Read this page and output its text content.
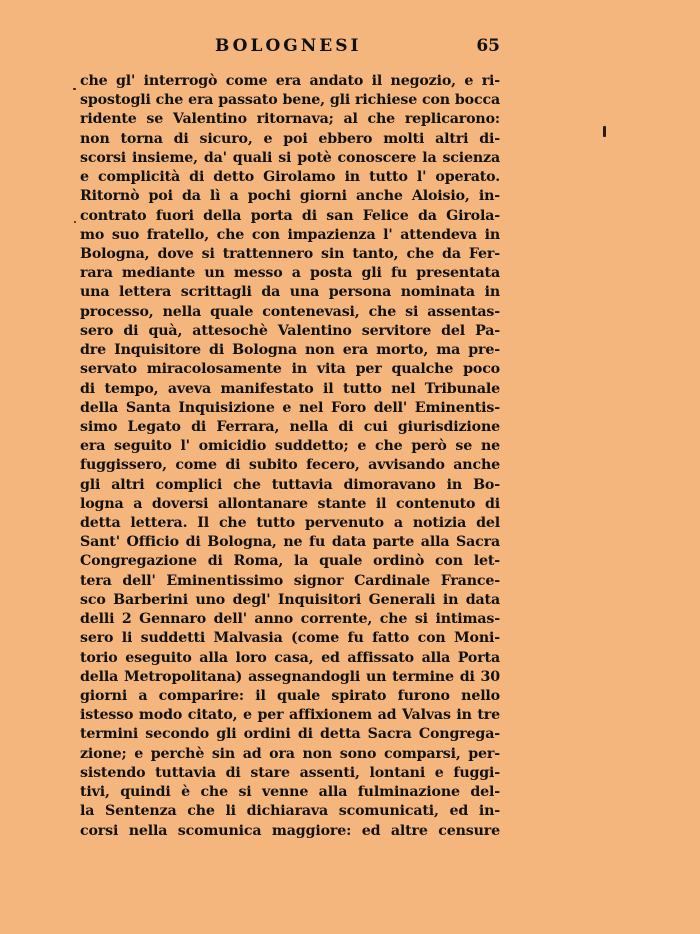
BOLOGNESI	65
che gl' interrogò come era andato il negozio, e ri-
spostogli che era passato bene, gli richiese con bocca
ridente se Valentino ritornava; al che replicarono:
non torna di sicuro, e poi ebbero molti altri di-
scorsi insieme, da' quali si potè conoscere la scienza
e complicità di detto Girolamo in tutto l' operato.
Ritornò poi da lì a pochi giorni anche Aloisio, in-
contrato fuori della porta di san Felice da Girola-
mo suo fratello, che con impazienza l' attendeva in
Bologna, dove si trattennero sin tanto, che da Fer-
rara mediante un messo a posta gli fu presentata
una lettera scrittagli da una persona nominata in
processo, nella quale contenevasi, che si assentas-
sero di quà, attesochè Valentino servitore del Pa-
dre Inquisitore di Bologna non era morto, ma pre-
servato miracolosamente in vita per qualche poco
di tempo, aveva manifestato il tutto nel Tribunale
della Santa Inquisizione e nel Foro dell' Eminentis-
simo Legato di Ferrara, nella di cui giurisdizione
era seguito l' omicidio suddetto; e che però se ne
fuggissero, come di subito fecero, avvisando anche
gli altri complici che tuttavia dimoravano in Bo-
logna a doversi allontanare stante il contenuto di
detta lettera. Il che tutto pervenuto a notizia del
Sant' Officio di Bologna, ne fu data parte alla Sacra
Congregazione di Roma, la quale ordinò con let-
tera dell' Eminentissimo signor Cardinale France-
sco Barberini uno degl' Inquisitori Generali in data
delli 2 Gennaro dell' anno corrente, che si intimas-
sero li suddetti Malvasia (come fu fatto con Moni-
torio eseguito alla loro casa, ed affissato alla Porta
della Metropolitana) assegnandogli un termine di 30
giorni a comparire: il quale spirato furono nello
istesso modo citato, e per affixionem ad Valvas in tre
termini secondo gli ordini di detta Sacra Congrega-
zione; e perchè sin ad ora non sono comparsi, per-
sistendo tuttavia di stare assenti, lontani e fuggi-
tivi, quindi è che si venne alla fulminazione del-
la Sentenza che li dichiarava scomunicati, ed in-
corsi nella scomunica maggiore: ed altre censure
